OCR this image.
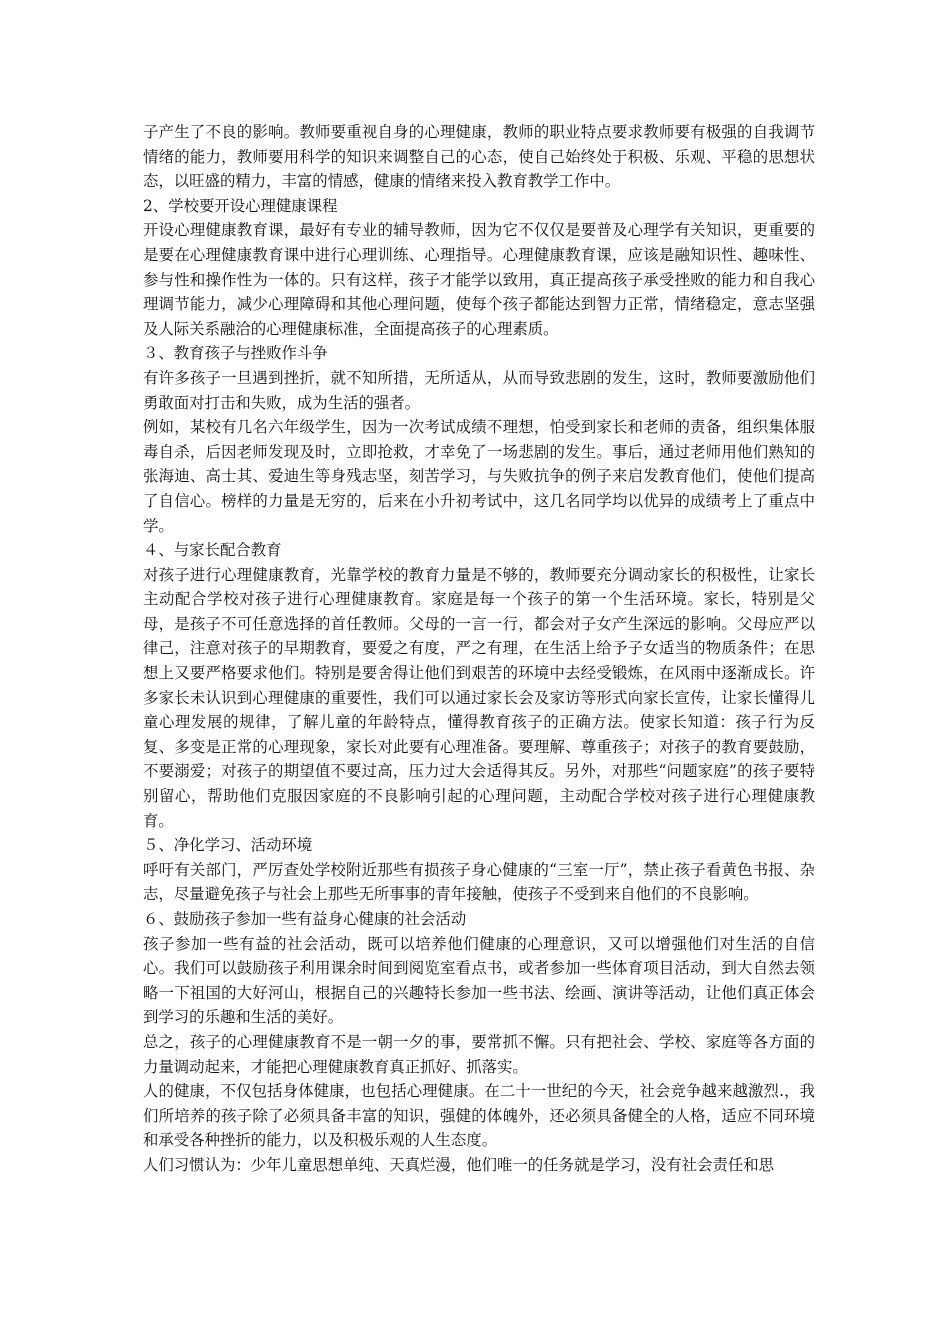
子产生了不良的影响。教师要重视自身的心理健康，教师的职业特点要求教师要有极强的自我调节情绪的能力，教师要用科学的知识来调整自己的心态，使自己始终处于积极、乐观、平稳的思想状态，以旺盛的精力，丰富的情感，健康的情绪来投入教育教学工作中。

2、学校要开设心理健康课程

开设心理健康教育课，最好有专业的辅导教师，因为它不仅仅是要普及心理学有关知识，更重要的是要在心理健康教育课中进行心理训练、心理指导。心理健康教育课，应该是融知识性、趣味性、参与性和操作性为一体的。只有这样，孩子才能学以致用，真正提高孩子承受挫败的能力和自我心理调节能力，减少心理障碍和其他心理问题，使每个孩子都能达到智力正常，情绪稳定，意志坚强及人际关系融洽的心理健康标准，全面提高孩子的心理素质。

３、教育孩子与挫败作斗争

有许多孩子一旦遇到挫折，就不知所措，无所适从，从而导致悲剧的发生，这时，教师要激励他们勇敢面对打击和失败，成为生活的强者。

例如，某校有几名六年级学生，因为一次考试成绩不理想，怕受到家长和老师的责备，组织集体服毒自杀，后因老师发现及时，立即抢救，才幸免了一场悲剧的发生。事后，通过老师用他们熟知的张海迪、高士其、爱迪生等身残志坚，刻苦学习，与失败抗争的例子来启发教育他们，使他们提高了自信心。榜样的力量是无穷的，后来在小升初考试中，这几名同学均以优异的成绩考上了重点中学。

４、与家长配合教育

对孩子进行心理健康教育，光靠学校的教育力量是不够的，教师要充分调动家长的积极性，让家长主动配合学校对孩子进行心理健康教育。家庭是每一个孩子的第一个生活环境。家长，特别是父母，是孩子不可任意选择的首任教师。父母的一言一行，都会对子女产生深远的影响。父母应严以律己，注意对孩子的早期教育，要爱之有度，严之有理，在生活上给予子女适当的物质条件；在思想上又要严格要求他们。特别是要舍得让他们到艰苦的环境中去经受锻炼，在风雨中逐渐成长。许多家长未认识到心理健康的重要性，我们可以通过家长会及家访等形式向家长宣传，让家长懂得儿童心理发展的规律，了解儿童的年龄特点，懂得教育孩子的正确方法。使家长知道：孩子行为反复、多变是正常的心理现象，家长对此要有心理准备。要理解、尊重孩子；对孩子的教育要鼓励，不要溺爱；对孩子的期望值不要过高，压力过大会适得其反。另外，对那些“问题家庭”的孩子要特别留心，帮助他们克服因家庭的不良影响引起的心理问题，主动配合学校对孩子进行心理健康教育。

５、净化学习、活动环境

呼吁有关部门，严厉查处学校附近那些有损孩子身心健康的“三室一厅”，禁止孩子看黄色书报、杂志，尽量避免孩子与社会上那些无所事事的青年接触，使孩子不受到来自他们的不良影响。

６、鼓励孩子参加一些有益身心健康的社会活动

孩子参加一些有益的社会活动，既可以培养他们健康的心理意识，又可以增强他们对生活的自信心。我们可以鼓励孩子利用课余时间到阅览室看点书，或者参加一些体育项目活动，到大自然去领略一下祖国的大好河山，根据自己的兴趣特长参加一些书法、绘画、演讲等活动，让他们真正体会到学习的乐趣和生活的美好。

总之，孩子的心理健康教育不是一朝一夕的事，要常抓不懈。只有把社会、学校、家庭等各方面的力量调动起来，才能把心理健康教育真正抓好、抓落实。

人的健康，不仅包括身体健康，也包括心理健康。在二十一世纪的今天，社会竞争越来越激烈.，我们所培养的孩子除了必须具备丰富的知识，强健的体魄外，还必须具备健全的人格，适应不同环境和承受各种挫折的能力，以及积极乐观的人生态度。

人们习惯认为：少年儿童思想单纯、天真烂漫，他们唯一的任务就是学习，没有社会责任和思
